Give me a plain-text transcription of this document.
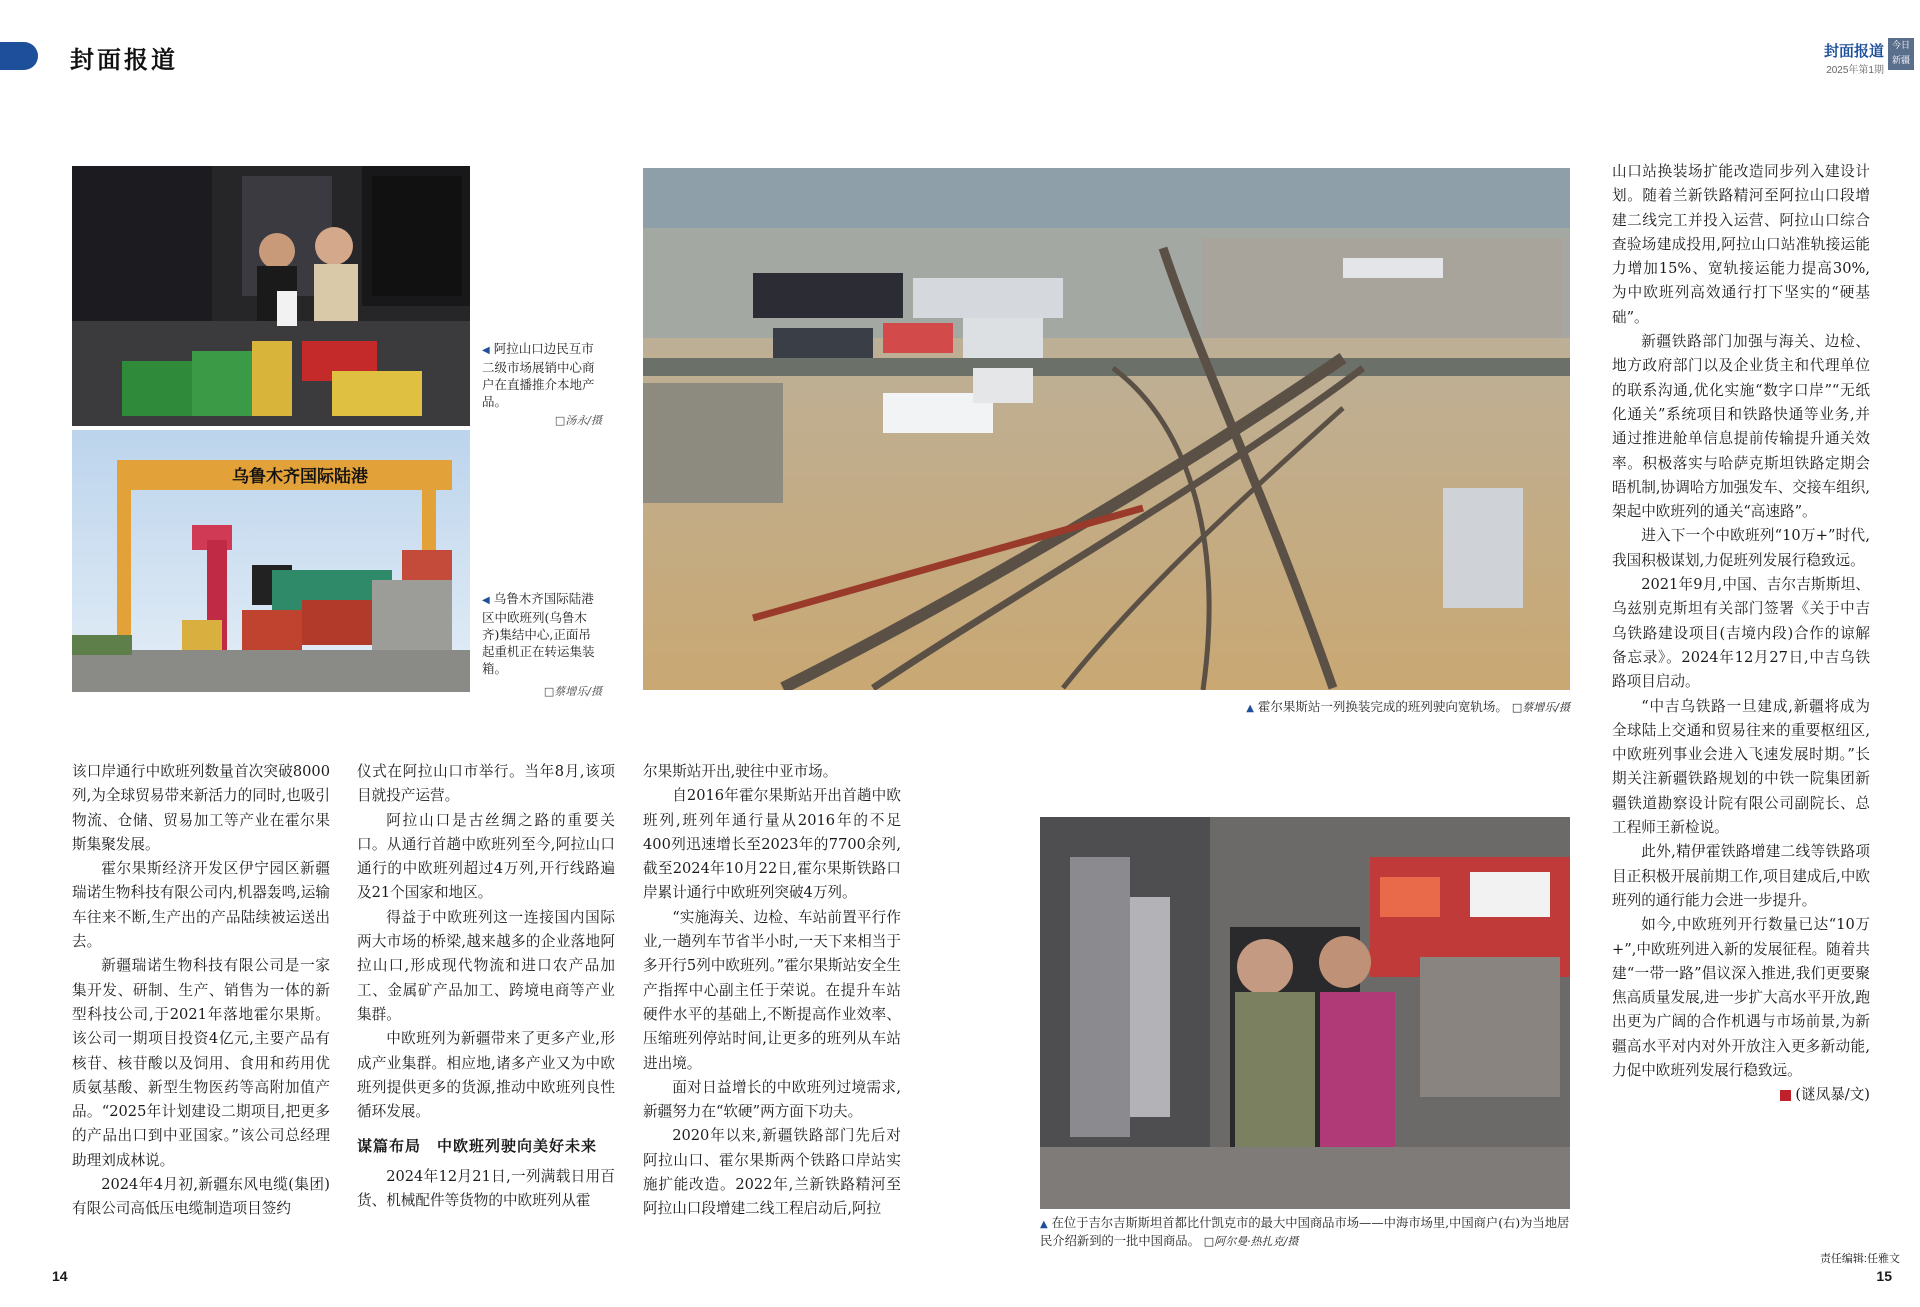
封面报道	封面报道
2025年第1期
今日
新疆
◀ 阿拉山口边民互市二级市场展销中心商户在直播推介本地产品。
□汤永/摄
乌鲁木齐国际陆港
◀ 乌鲁木齐国际陆港区中欧班列(乌鲁木齐)集结中心,正面吊起重机正在转运集装箱。
□蔡增乐/摄
▲ 霍尔果斯站一列换装完成的班列驶向宽轨场。 □蔡增乐/摄
▲ 在位于吉尔吉斯斯坦首都比什凯克市的最大中国商品市场——中海市场里,中国商户(右)为当地居民介绍新到的一批中国商品。 □阿尔曼·热扎克/摄

该口岸通行中欧班列数量首次突破8000列,为全球贸易带来新活力的同时,也吸引物流、仓储、贸易加工等产业在霍尔果斯集聚发展。

霍尔果斯经济开发区伊宁园区新疆瑞诺生物科技有限公司内,机器轰鸣,运输车往来不断,生产出的产品陆续被运送出去。

新疆瑞诺生物科技有限公司是一家集开发、研制、生产、销售为一体的新型科技公司,于2021年落地霍尔果斯。该公司一期项目投资4亿元,主要产品有核苷、核苷酸以及饲用、食用和药用优质氨基酸、新型生物医药等高附加值产品。“2025年计划建设二期项目,把更多的产品出口到中亚国家。”该公司总经理助理刘成林说。

2024年4月初,新疆东风电缆(集团)有限公司高低压电缆制造项目签约

仪式在阿拉山口市举行。当年8月,该项目就投产运营。

阿拉山口是古丝绸之路的重要关口。从通行首趟中欧班列至今,阿拉山口通行的中欧班列超过4万列,开行线路遍及21个国家和地区。

得益于中欧班列这一连接国内国际两大市场的桥梁,越来越多的企业落地阿拉山口,形成现代物流和进口农产品加工、金属矿产品加工、跨境电商等产业集群。

中欧班列为新疆带来了更多产业,形成产业集群。相应地,诸多产业又为中欧班列提供更多的货源,推动中欧班列良性循环发展。

谋篇布局　中欧班列驶向美好未来

2024年12月21日,一列满载日用百货、机械配件等货物的中欧班列从霍

尔果斯站开出,驶往中亚市场。

自2016年霍尔果斯站开出首趟中欧班列,班列年通行量从2016年的不足400列迅速增长至2023年的7700余列,截至2024年10月22日,霍尔果斯铁路口岸累计通行中欧班列突破4万列。

“实施海关、边检、车站前置平行作业,一趟列车节省半小时,一天下来相当于多开行5列中欧班列。”霍尔果斯站安全生产指挥中心副主任于荣说。在提升车站硬件水平的基础上,不断提高作业效率、压缩班列停站时间,让更多的班列从车站进出境。

面对日益增长的中欧班列过境需求,新疆努力在“软硬”两方面下功夫。

2020年以来,新疆铁路部门先后对阿拉山口、霍尔果斯两个铁路口岸站实施扩能改造。2022年,兰新铁路精河至阿拉山口段增建二线工程启动后,阿拉

山口站换装场扩能改造同步列入建设计划。随着兰新铁路精河至阿拉山口段增建二线完工并投入运营、阿拉山口综合查验场建成投用,阿拉山口站准轨接运能力增加15%、宽轨接运能力提高30%,为中欧班列高效通行打下坚实的“硬基础”。

新疆铁路部门加强与海关、边检、地方政府部门以及企业货主和代理单位的联系沟通,优化实施“数字口岸”“无纸化通关”系统项目和铁路快通等业务,并通过推进舱单信息提前传输提升通关效率。积极落实与哈萨克斯坦铁路定期会晤机制,协调哈方加强发车、交接车组织,架起中欧班列的通关“高速路”。

进入下一个中欧班列“10万+”时代,我国积极谋划,力促班列发展行稳致远。

2021年9月,中国、吉尔吉斯斯坦、乌兹别克斯坦有关部门签署《关于中吉乌铁路建设项目(吉境内段)合作的谅解备忘录》。2024年12月27日,中吉乌铁路项目启动。

“中吉乌铁路一旦建成,新疆将成为全球陆上交通和贸易往来的重要枢纽区,中欧班列事业会进入飞速发展时期。”长期关注新疆铁路规划的中铁一院集团新疆铁道勘察设计院有限公司副院长、总工程师王新检说。

此外,精伊霍铁路增建二线等铁路项目正积极开展前期工作,项目建成后,中欧班列的通行能力会进一步提升。

如今,中欧班列开行数量已达“10万+”,中欧班列进入新的发展征程。随着共建“一带一路”倡议深入推进,我们更要聚焦高质量发展,进一步扩大高水平开放,跑出更为广阔的合作机遇与市场前景,为新疆高水平对内对外开放注入更多新动能,力促中欧班列发展行稳致远。

(谜凤暴/文)

14	15
责任编辑:任雅文
